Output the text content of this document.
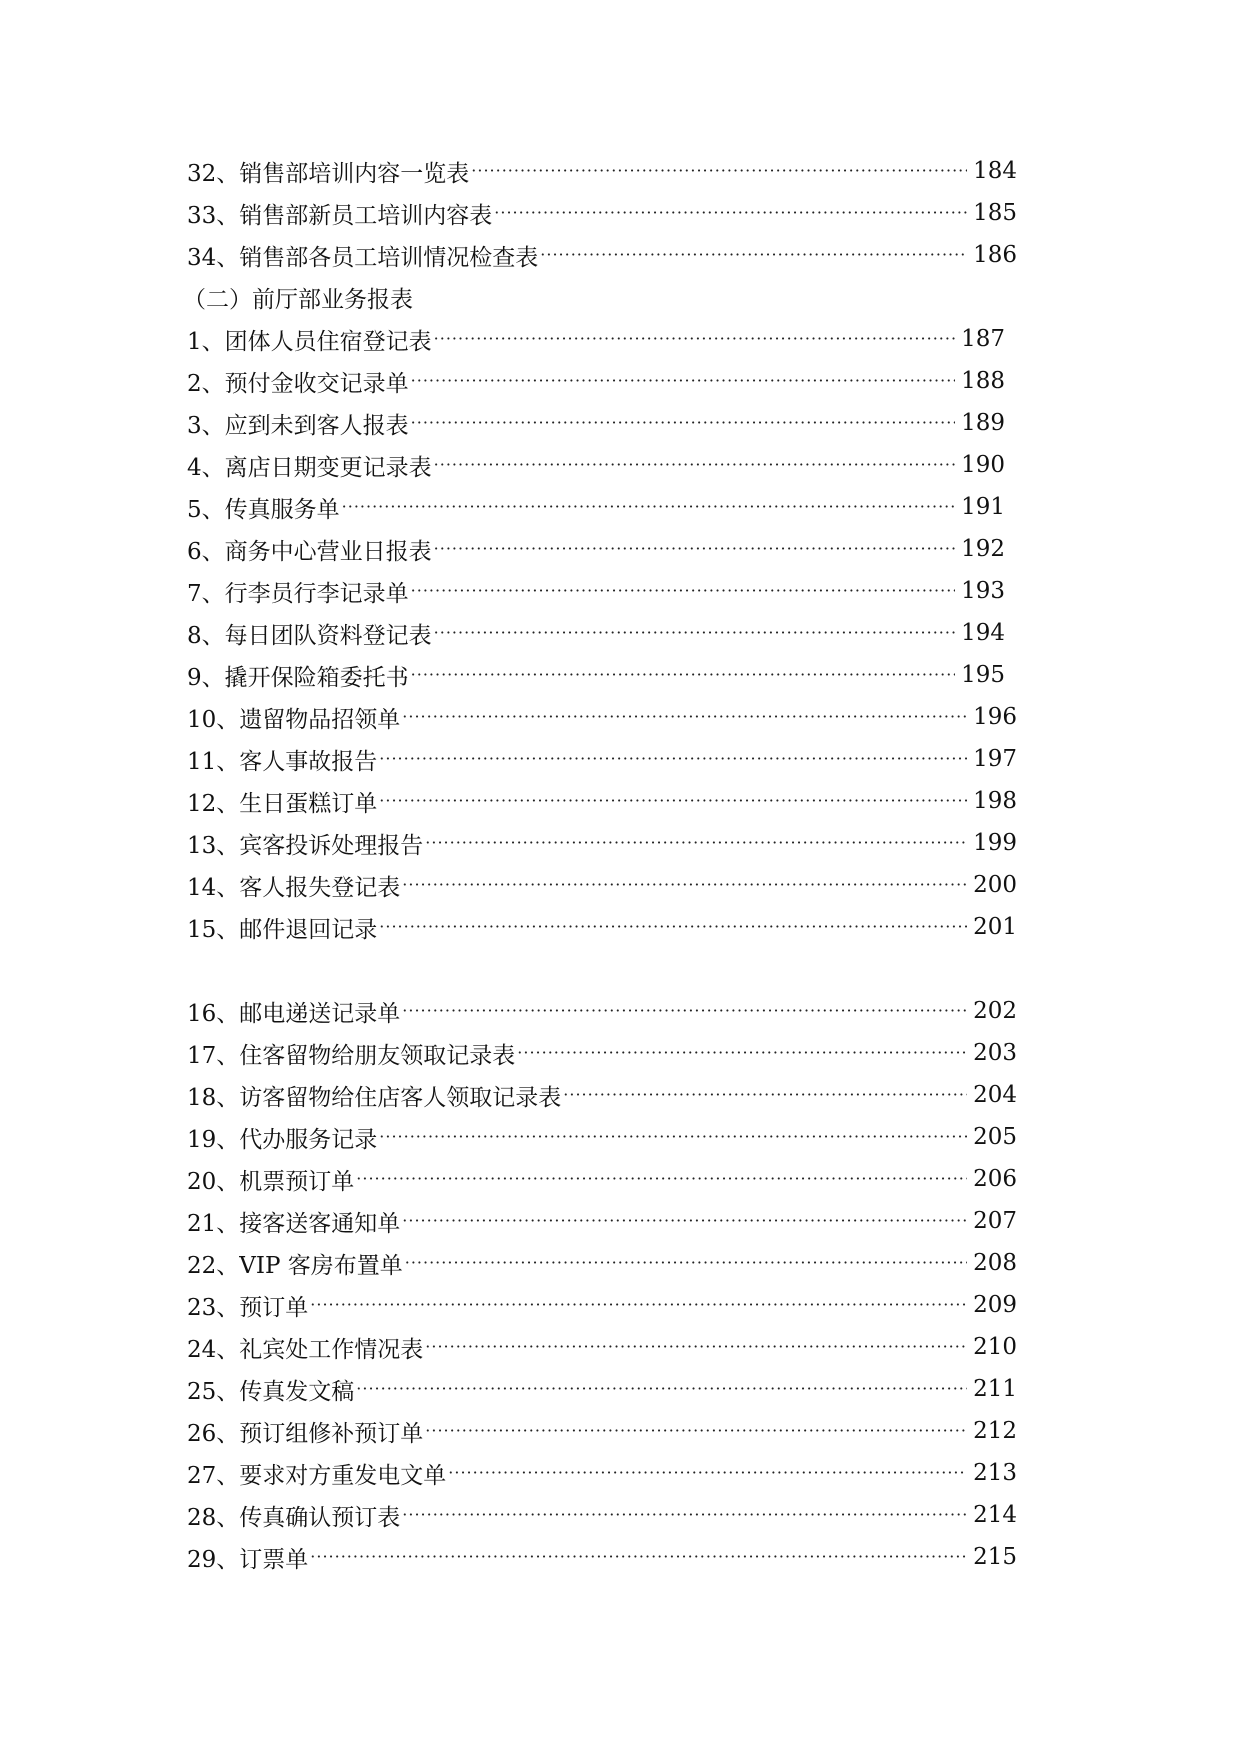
32、销售部培训内容一览表 ·····	184
33、销售部新员工培训内容表 ·····	185
34、销售部各员工培训情况检查表 ·····	186
（二）前厅部业务报表
1、团体人员住宿登记表 ·····	187
2、预付金收交记录单 ·····	188
3、应到未到客人报表 ·····	189
4、离店日期变更记录表 ·····	190
5、传真服务单 ·····	191
6、商务中心营业日报表 ·····	192
7、行李员行李记录单 ·····	193
8、每日团队资料登记表 ·····	194
9、撬开保险箱委托书 ·····	195
10、遗留物品招领单 ·····	196
11、客人事故报告 ·····	197
12、生日蛋糕订单 ·····	198
13、宾客投诉处理报告 ·····	199
14、客人报失登记表 ·····	200
15、邮件退回记录 ·····	201
16、邮电递送记录单 ·····	202
17、住客留物给朋友领取记录表 ·····	203
18、访客留物给住店客人领取记录表 ·····	204
19、代办服务记录 ·····	205
20、机票预订单 ·····	206
21、接客送客通知单 ·····	207
22、VIP 客房布置单 ·····	208
23、预订单 ·····	209
24、礼宾处工作情况表 ·····	210
25、传真发文稿 ·····	211
26、预订组修补预订单 ·····	212
27、要求对方重发电文单 ·····	213
28、传真确认预订表 ·····	214
29、订票单 ·····	215
